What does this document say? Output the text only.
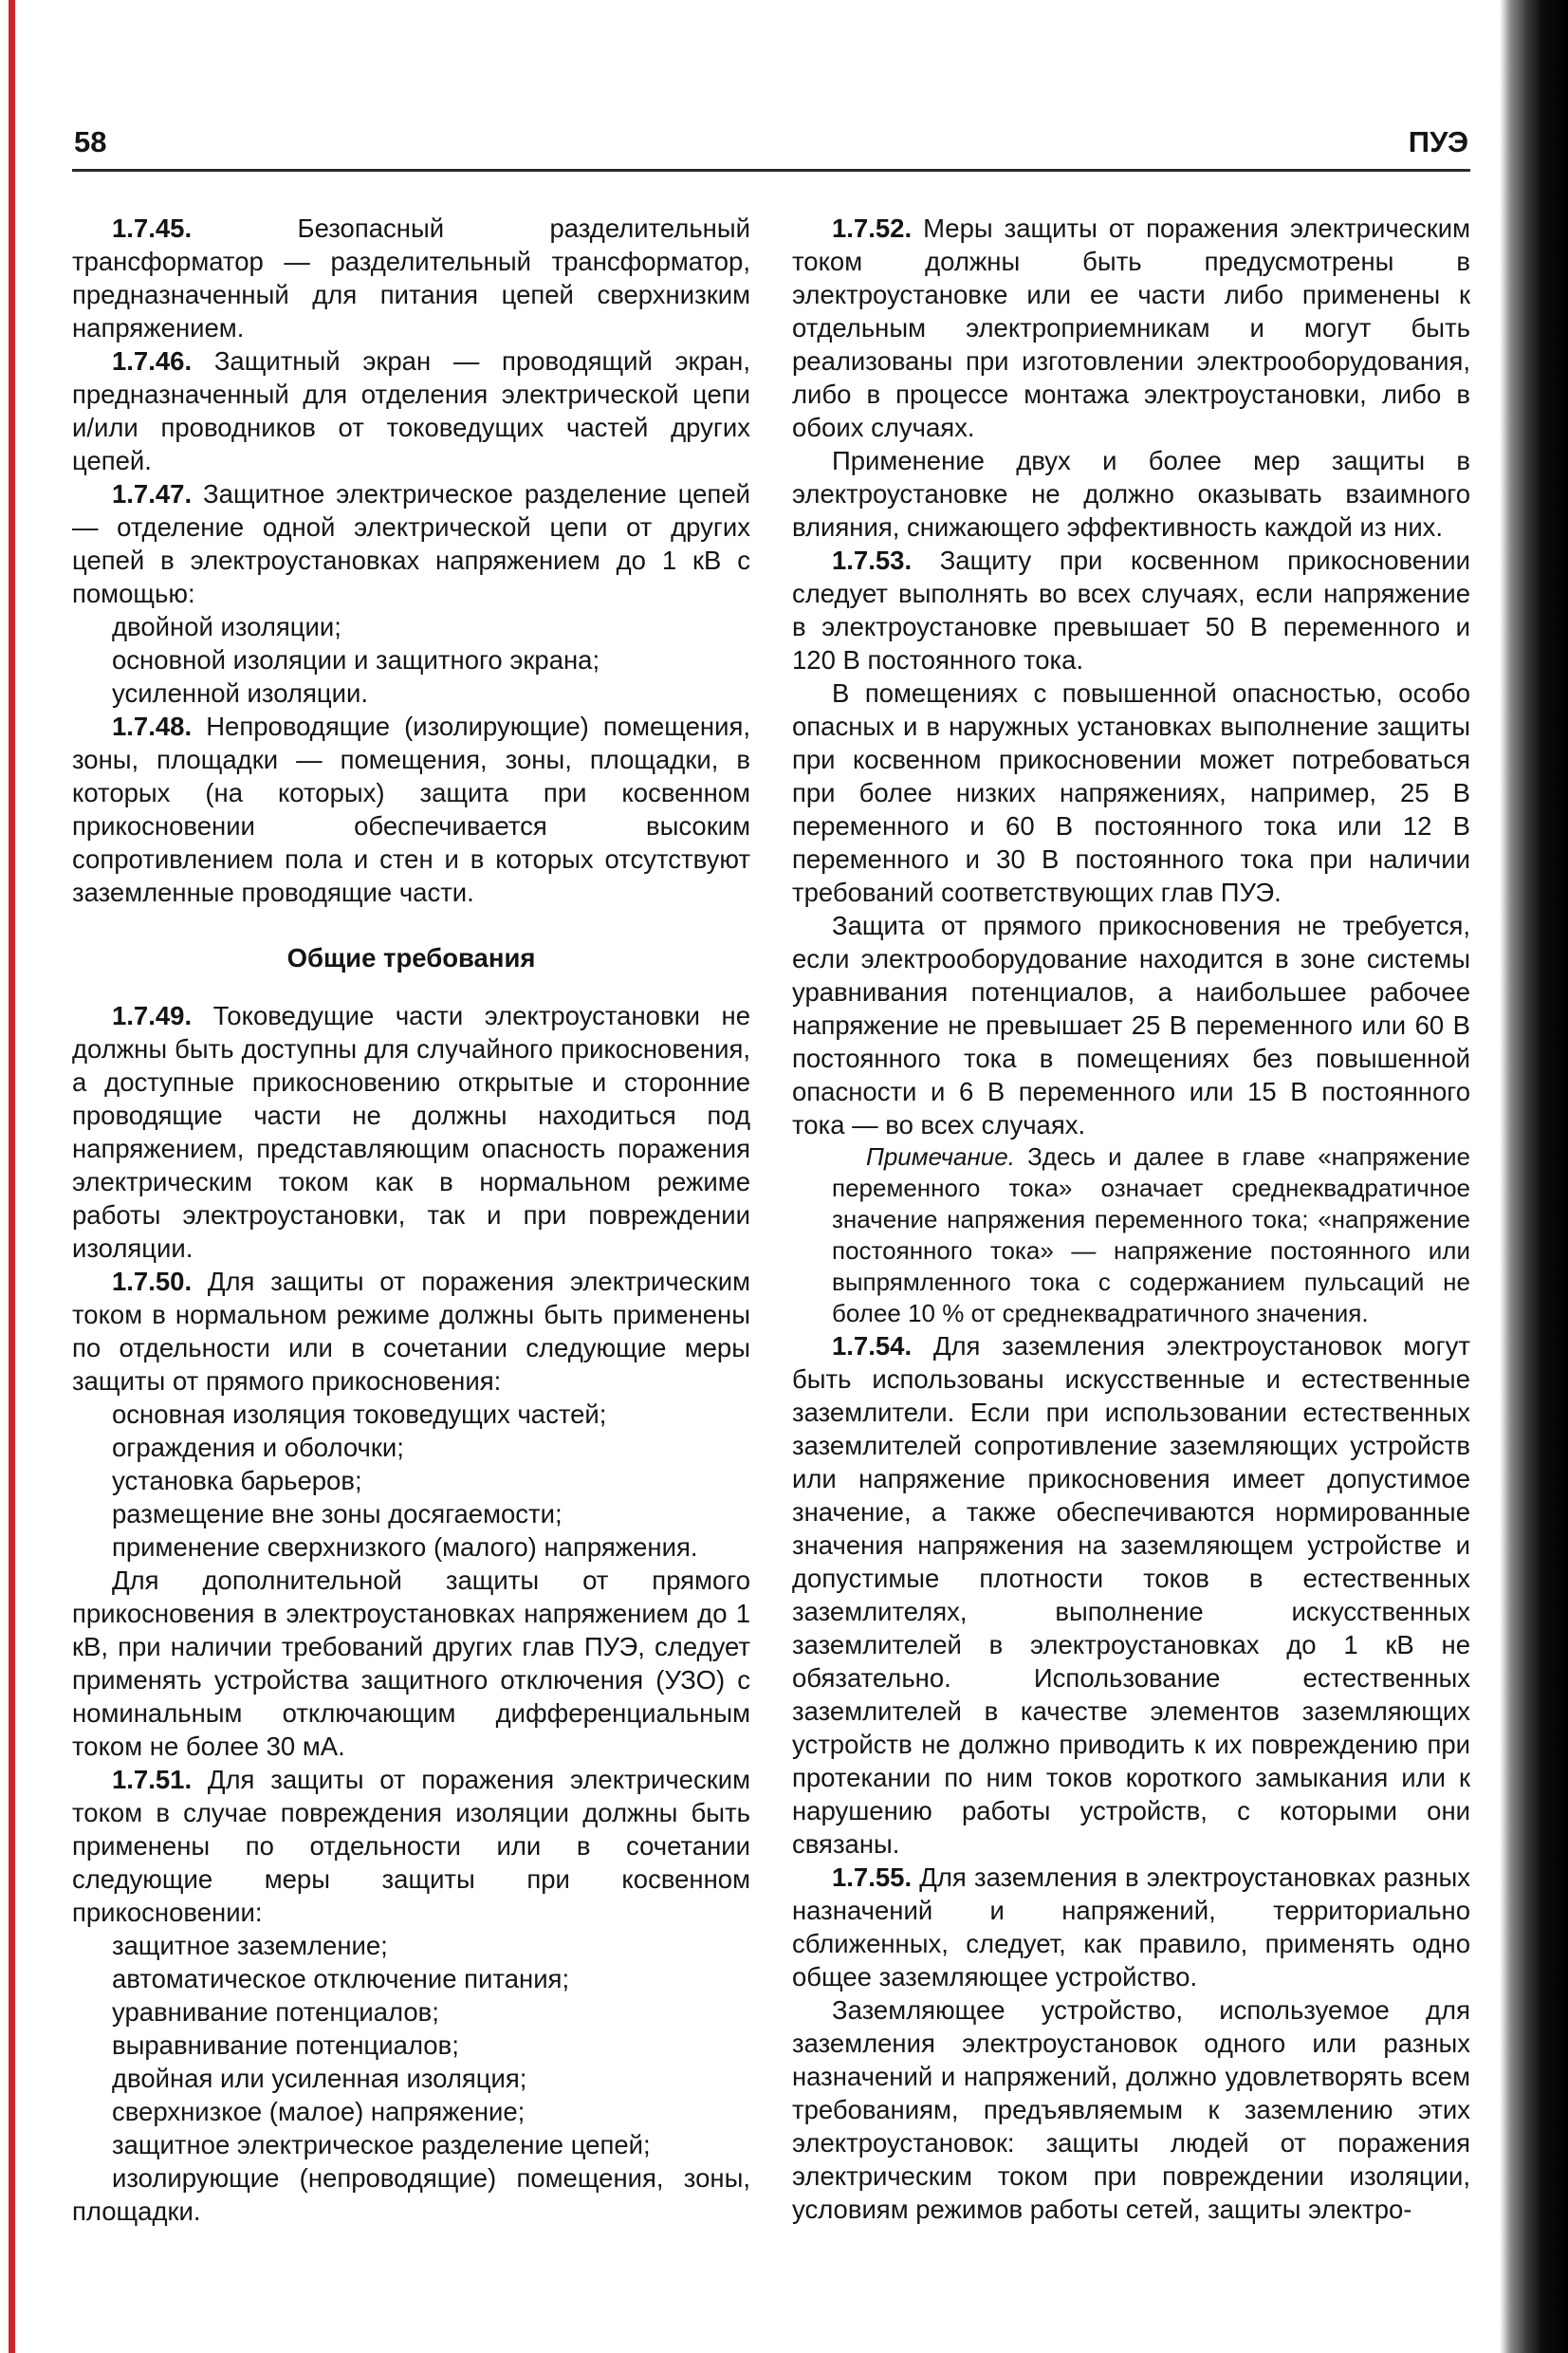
58	ПУЭ

1.7.45. Безопасный разделительный трансформатор — разделительный трансформатор, предназначенный для питания цепей сверхнизким напряжением.

1.7.46. Защитный экран — проводящий экран, предназначенный для отделения электрической цепи и/или проводников от токоведущих частей других цепей.

1.7.47. Защитное электрическое разделение цепей — отделение одной электрической цепи от других цепей в электроустановках напряжением до 1 кВ с помощью:

двойной изоляции;

основной изоляции и защитного экрана;

усиленной изоляции.

1.7.48. Непроводящие (изолирующие) помещения, зоны, площадки — помещения, зоны, площадки, в которых (на которых) защита при косвенном прикосновении обеспечивается высоким сопротивлением пола и стен и в которых отсутствуют заземленные проводящие части.

Общие требования

1.7.49. Токоведущие части электроустановки не должны быть доступны для случайного прикосновения, а доступные прикосновению открытые и сторонние проводящие части не должны находиться под напряжением, представляющим опасность поражения электрическим током как в нормальном режиме работы электроустановки, так и при повреждении изоляции.

1.7.50. Для защиты от поражения электрическим током в нормальном режиме должны быть применены по отдельности или в сочетании следующие меры защиты от прямого прикосновения:

основная изоляция токоведущих частей;

ограждения и оболочки;

установка барьеров;

размещение вне зоны досягаемости;

применение сверхнизкого (малого) напряжения.

Для дополнительной защиты от прямого прикосновения в электроустановках напряжением до 1 кВ, при наличии требований других глав ПУЭ, следует применять устройства защитного отключения (УЗО) с номинальным отключающим дифференциальным током не более 30 мА.

1.7.51. Для защиты от поражения электрическим током в случае повреждения изоляции должны быть применены по отдельности или в сочетании следующие меры защиты при косвенном прикосновении:

защитное заземление;

автоматическое отключение питания;

уравнивание потенциалов;

выравнивание потенциалов;

двойная или усиленная изоляция;

сверхнизкое (малое) напряжение;

защитное электрическое разделение цепей;

изолирующие (непроводящие) помещения, зоны, площадки.

1.7.52. Меры защиты от поражения электрическим током должны быть предусмотрены в электроустановке или ее части либо применены к отдельным электроприемникам и могут быть реализованы при изготовлении электрооборудования, либо в процессе монтажа электроустановки, либо в обоих случаях.

Применение двух и более мер защиты в электроустановке не должно оказывать взаимного влияния, снижающего эффективность каждой из них.

1.7.53. Защиту при косвенном прикосновении следует выполнять во всех случаях, если напряжение в электроустановке превышает 50 В переменного и 120 В постоянного тока.

В помещениях с повышенной опасностью, особо опасных и в наружных установках выполнение защиты при косвенном прикосновении может потребоваться при более низких напряжениях, например, 25 В переменного и 60 В постоянного тока или 12 В переменного и 30 В постоянного тока при наличии требований соответствующих глав ПУЭ.

Защита от прямого прикосновения не требуется, если электрооборудование находится в зоне системы уравнивания потенциалов, а наибольшее рабочее напряжение не превышает 25 В переменного или 60 В постоянного тока в помещениях без повышенной опасности и 6 В переменного или 15 В постоянного тока — во всех случаях.

Примечание. Здесь и далее в главе «напряжение переменного тока» означает среднеквадратичное значение напряжения переменного тока; «напряжение постоянного тока» — напряжение постоянного или выпрямленного тока с содержанием пульсаций не более 10 % от среднеквадратичного значения.

1.7.54. Для заземления электроустановок могут быть использованы искусственные и естественные заземлители. Если при использовании естественных заземлителей сопротивление заземляющих устройств или напряжение прикосновения имеет допустимое значение, а также обеспечиваются нормированные значения напряжения на заземляющем устройстве и допустимые плотности токов в естественных заземлителях, выполнение искусственных заземлителей в электроустановках до 1 кВ не обязательно. Использование естественных заземлителей в качестве элементов заземляющих устройств не должно приводить к их повреждению при протекании по ним токов короткого замыкания или к нарушению работы устройств, с которыми они связаны.

1.7.55. Для заземления в электроустановках разных назначений и напряжений, территориально сближенных, следует, как правило, применять одно общее заземляющее устройство.

Заземляющее устройство, используемое для заземления электроустановок одного или разных назначений и напряжений, должно удовлетворять всем требованиям, предъявляемым к заземлению этих электроустановок: защиты людей от поражения электрическим током при повреждении изоляции, условиям режимов работы сетей, защиты электро-
